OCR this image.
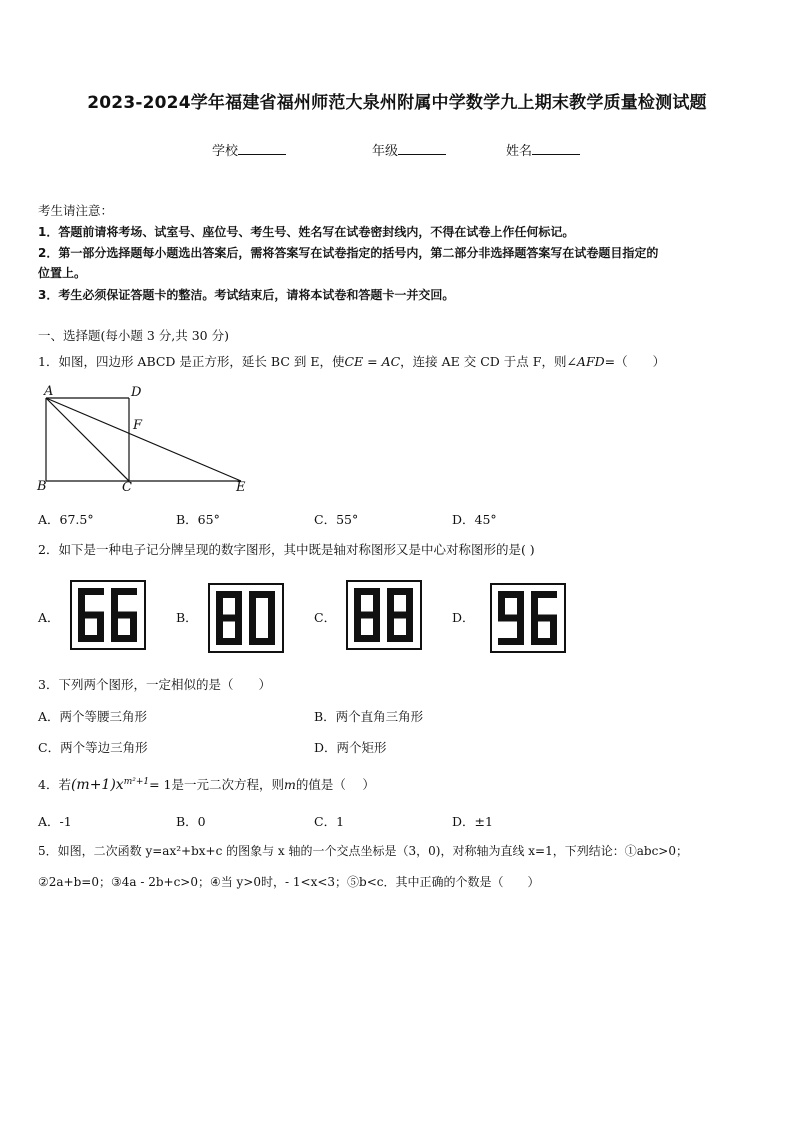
2023-2024学年福建省福州师范大泉州附属中学数学九上期末教学质量检测试题
学校	年级	姓名
考生请注意：
1．答题前请将考场、试室号、座位号、考生号、姓名写在试卷密封线内，不得在试卷上作任何标记。
2．第一部分选择题每小题选出答案后，需将答案写在试卷指定的括号内，第二部分非选择题答案写在试卷题目指定的
位置上。
3．考生必须保证答题卡的整洁。考试结束后，请将本试卷和答题卡一并交回。
一、选择题(每小题 3 分,共 30 分)
1．如图，四边形 ABCD 是正方形，延长 BC 到 E，使CE = AC，连接 AE 交 CD 于点 F，则∠AFD=（　　）
A	D
F
B	C	E
A．67.5°	B．65°	C．55°	D．45°
2．如下是一种电子记分牌呈现的数字图形，其中既是轴对称图形又是中心对称图形的是( )
A．	B．	C．	D．
3．下列两个图形，一定相似的是（　　）
A．两个等腰三角形	B．两个直角三角形
C．两个等边三角形	D．两个矩形
4．若$(m+1)x^{m^2+1}= 1$是一元二次方程，则m的值是（　 ）
A．-1	B．0	C．1	D．±1
5．如图，二次函数 y=ax²+bx+c 的图象与 x 轴的一个交点坐标是（3，0)，对称轴为直线 x=1，下列结论：①abc>0；
②2a+b=0；③4a - 2b+c>0；④当 y>0时，- 1<x<3；⑤b<c．其中正确的个数是（　　）
